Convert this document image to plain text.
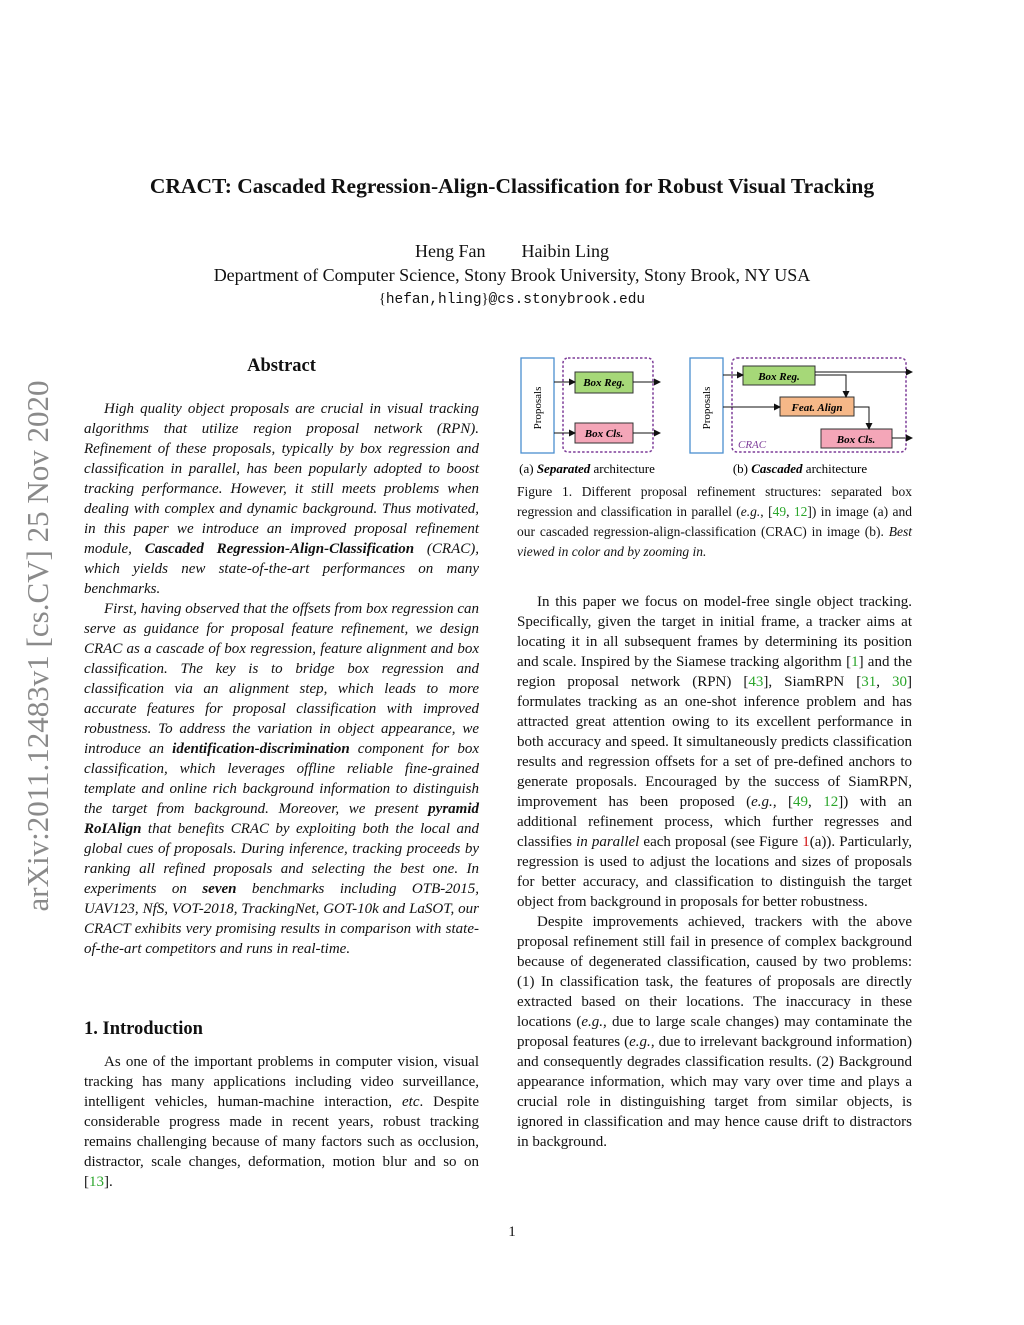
CRACT: Cascaded Regression-Align-Classification for Robust Visual Tracking
Heng Fan Haibin Ling
Department of Computer Science, Stony Brook University, Stony Brook, NY USA
{hefan,hling}@cs.stonybrook.edu
arXiv:2011.12483v1 [cs.CV] 25 Nov 2020
Abstract

High quality object proposals are crucial in visual tracking algorithms that utilize region proposal network (RPN). Refinement of these proposals, typically by box regression and classification in parallel, has been popularly adopted to boost tracking performance. However, it still meets problems when dealing with complex and dynamic background. Thus motivated, in this paper we introduce an improved proposal refinement module, Cascaded Regression-Align-Classification (CRAC), which yields new state-of-the-art performances on many benchmarks.

First, having observed that the offsets from box regression can serve as guidance for proposal feature refinement, we design CRAC as a cascade of box regression, feature alignment and box classification. The key is to bridge box regression and classification via an alignment step, which leads to more accurate features for proposal classification with improved robustness. To address the variation in object appearance, we introduce an identification-discrimination component for box classification, which leverages offline reliable fine-grained template and online rich background information to distinguish the target from background. Moreover, we present pyramid RoIAlign that benefits CRAC by exploiting both the local and global cues of proposals. During inference, tracking proceeds by ranking all refined proposals and selecting the best one. In experiments on seven benchmarks including OTB-2015, UAV123, NfS, VOT-2018, TrackingNet, GOT-10k and LaSOT, our CRACT exhibits very promising results in comparison with state-of-the-art competitors and runs in real-time.

1. Introduction

As one of the important problems in computer vision, visual tracking has many applications including video surveillance, intelligent vehicles, human-machine interaction, etc. Despite considerable progress made in recent years, robust tracking remains challenging because of many factors such as occlusion, distractor, scale changes, deformation, motion blur and so on [13].

Proposals
Box Reg.
Box Cls.
Proposals
CRAC
Box Reg.
Feat. Align
Box Cls.
(a) Separated architecture	(b) Cascaded architecture
Figure 1. Different proposal refinement structures: separated box regression and classification in parallel (e.g., [49, 12]) in image (a) and our cascaded regression-align-classification (CRAC) in image (b). Best viewed in color and by zooming in.

In this paper we focus on model-free single object tracking. Specifically, given the target in initial frame, a tracker aims at locating it in all subsequent frames by determining its position and scale. Inspired by the Siamese tracking algorithm [1] and the region proposal network (RPN) [43], SiamRPN [31, 30] formulates tracking as an one-shot inference problem and has attracted great attention owing to its excellent performance in both accuracy and speed. It simultaneously predicts classification results and regression offsets for a set of pre-defined anchors to generate proposals. Encouraged by the success of SiamRPN, improvement has been proposed (e.g., [49, 12]) with an additional refinement process, which further regresses and classifies in parallel each proposal (see Figure 1(a)). Particularly, regression is used to adjust the locations and sizes of proposals for better accuracy, and classification to distinguish the target object from background in proposals for better robustness.

Despite improvements achieved, trackers with the above proposal refinement still fail in presence of complex background because of degenerated classification, caused by two problems: (1) In classification task, the features of proposals are directly extracted based on their locations. The inaccuracy in these locations (e.g., due to large scale changes) may contaminate the proposal features (e.g., due to irrelevant background information) and consequently degrades classification results. (2) Background appearance information, which may vary over time and plays a crucial role in distinguishing target from similar objects, is ignored in classification and may hence cause drift to distractors in background.

1
